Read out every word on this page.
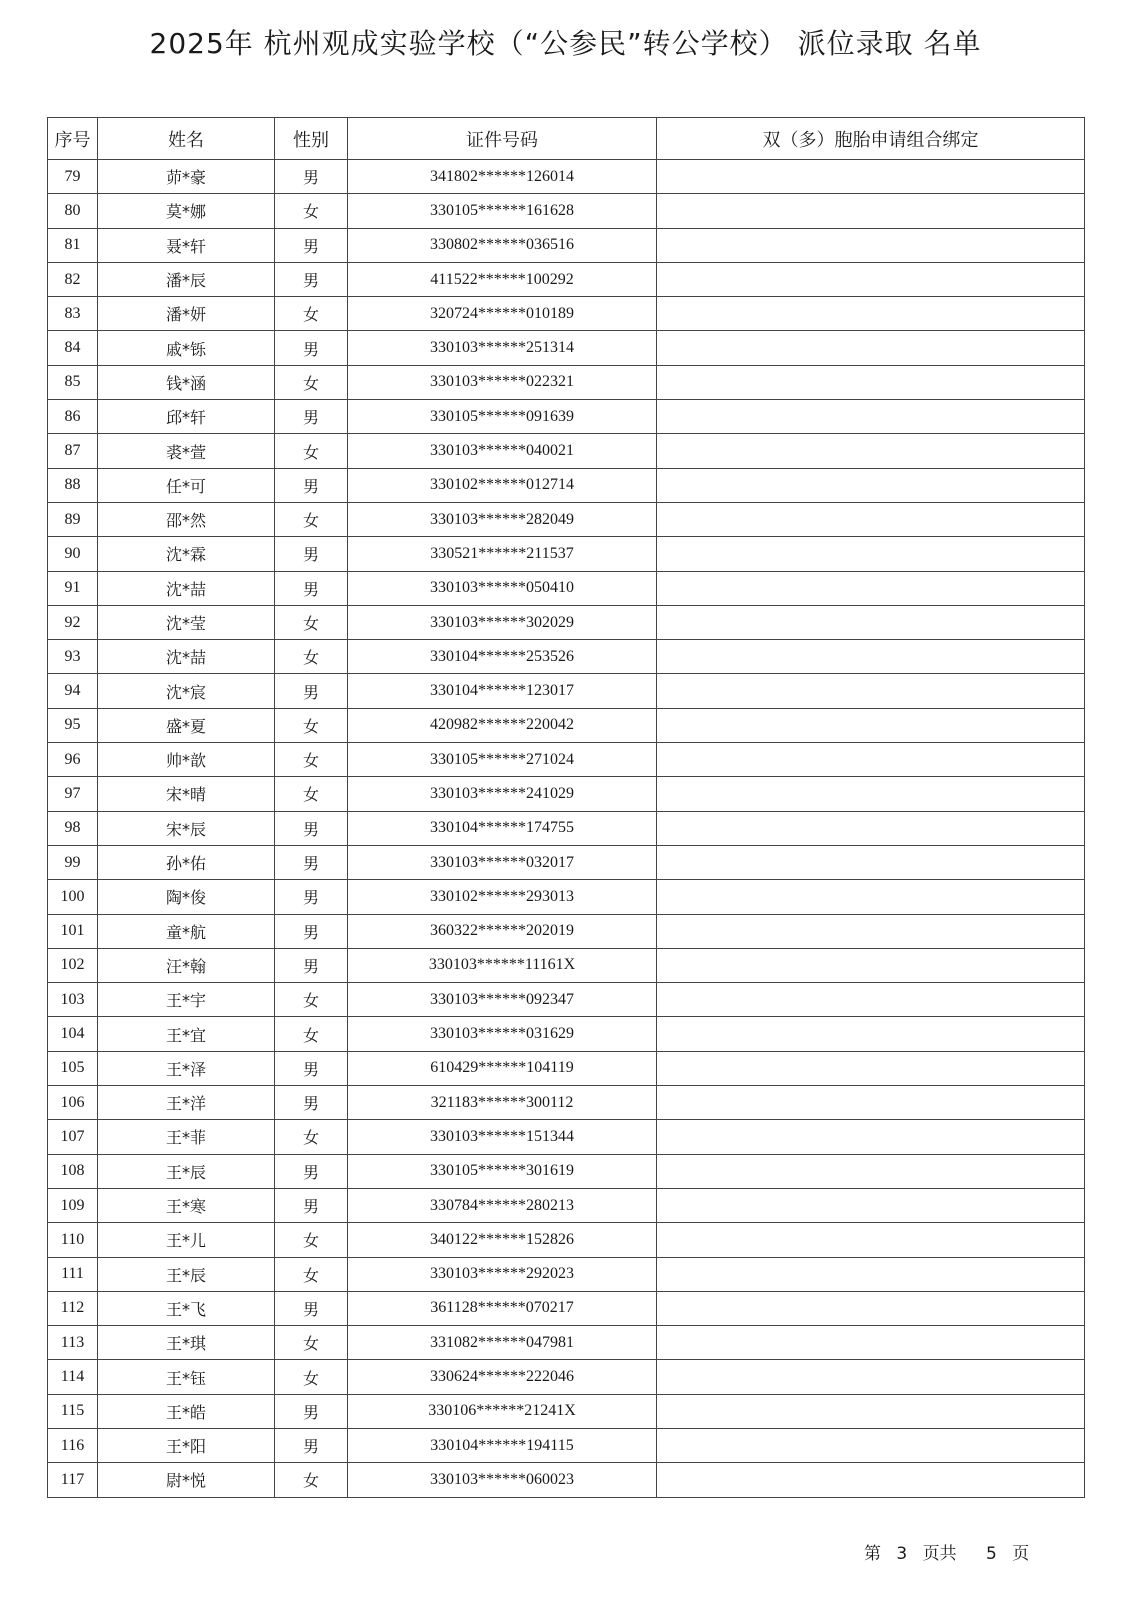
2025年 杭州观成实验学校（“公参民”转公学校） 派位录取 名单
序号	姓名	性别	证件号码	双（多）胞胎申请组合绑定
79	茆*豪	男	341802******126014	
80	莫*娜	女	330105******161628	
81	聂*轩	男	330802******036516	
82	潘*辰	男	411522******100292	
83	潘*妍	女	320724******010189	
84	戚*铄	男	330103******251314	
85	钱*涵	女	330103******022321	
86	邱*轩	男	330105******091639	
87	裘*萱	女	330103******040021	
88	任*可	男	330102******012714	
89	邵*然	女	330103******282049	
90	沈*霖	男	330521******211537	
91	沈*喆	男	330103******050410	
92	沈*莹	女	330103******302029	
93	沈*喆	女	330104******253526	
94	沈*宸	男	330104******123017	
95	盛*夏	女	420982******220042	
96	帅*歆	女	330105******271024	
97	宋*晴	女	330103******241029	
98	宋*辰	男	330104******174755	
99	孙*佑	男	330103******032017	
100	陶*俊	男	330102******293013	
101	童*航	男	360322******202019	
102	汪*翰	男	330103******11161X	
103	王*宇	女	330103******092347	
104	王*宜	女	330103******031629	
105	王*泽	男	610429******104119	
106	王*洋	男	321183******300112	
107	王*菲	女	330103******151344	
108	王*辰	男	330105******301619	
109	王*寒	男	330784******280213	
110	王*儿	女	340122******152826	
111	王*辰	女	330103******292023	
112	王*飞	男	361128******070217	
113	王*琪	女	331082******047981	
114	王*钰	女	330624******222046	
115	王*皓	男	330106******21241X	
116	王*阳	男	330104******194115	
117	尉*悦	女	330103******060023	
第 3 页共 5 页
